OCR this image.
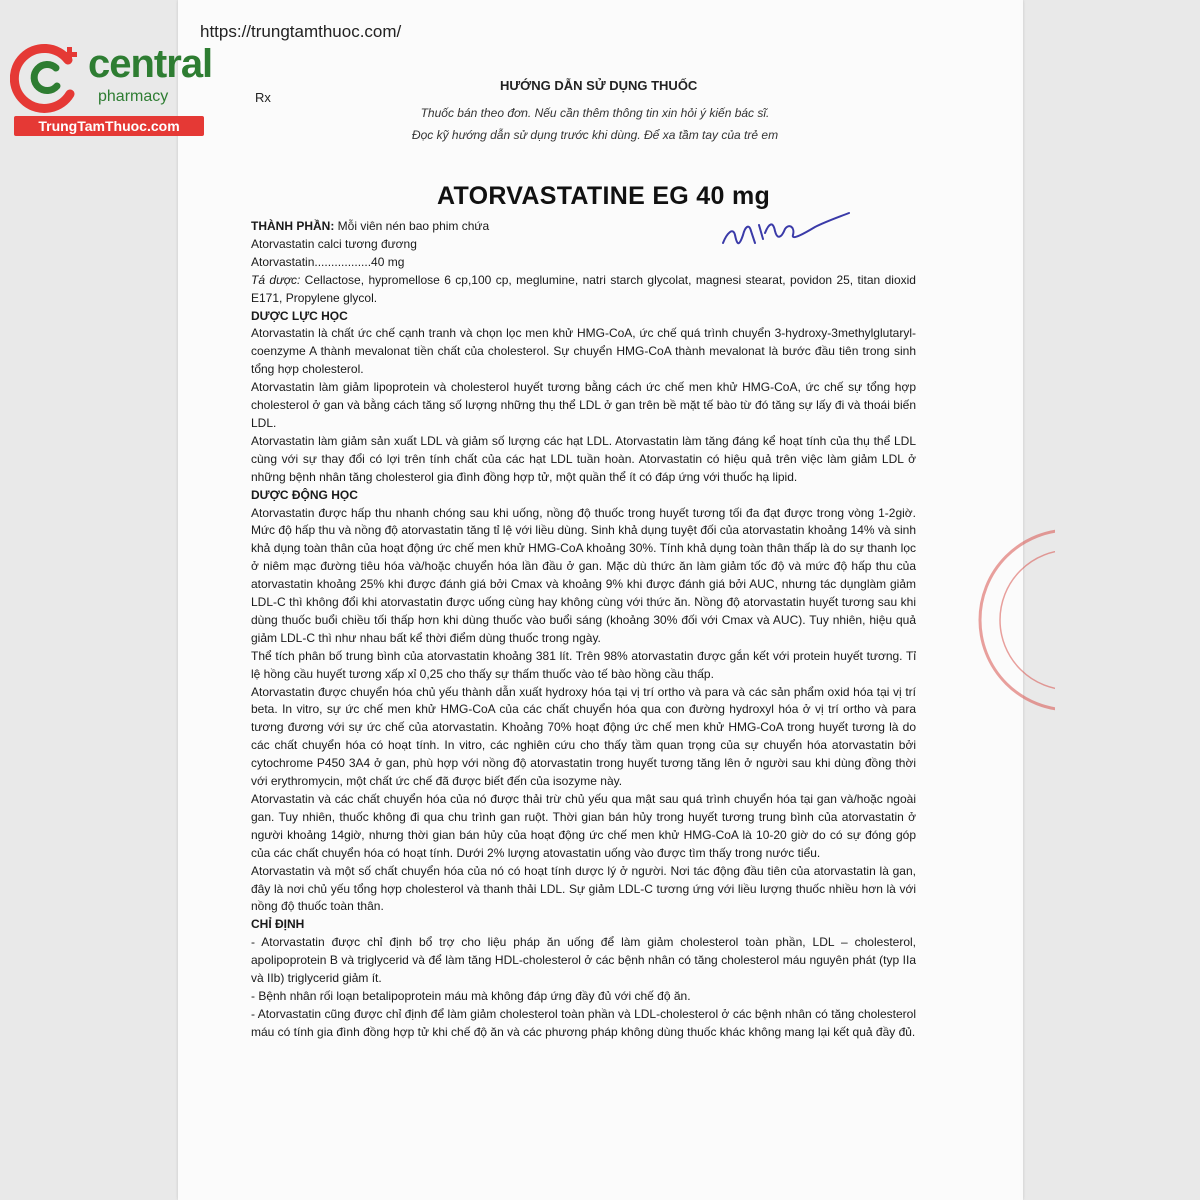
https://trungtamthuoc.com/
central
pharmacy
TrungTamThuoc.com
Rx
HƯỚNG DẪN SỬ DỤNG THUỐC
Thuốc bán theo đơn. Nếu cần thêm thông tin xin hỏi ý kiến bác sĩ.
Đọc kỹ hướng dẫn sử dụng trước khi dùng. Để xa tầm tay của trẻ em
ATORVASTATINE EG 40 mg

THÀNH PHẦN: Mỗi viên nén bao phim chứa

Atorvastatin calci tương đương

Atorvastatin.................40 mg

Tá dược: Cellactose, hypromellose 6 cp,100 cp, meglumine, natri starch glycolat, magnesi stearat, povidon 25, titan dioxid E171, Propylene glycol.

DƯỢC LỰC HỌC

Atorvastatin là chất ức chế cạnh tranh và chọn lọc men khử HMG-CoA, ức chế quá trình chuyển 3-hydroxy-3methylglutaryl-coenzyme A thành mevalonat tiền chất của cholesterol. Sự chuyển HMG-CoA thành mevalonat là bước đầu tiên trong sinh tổng hợp cholesterol.

Atorvastatin làm giảm lipoprotein và cholesterol huyết tương bằng cách ức chế men khử HMG-CoA, ức chế sự tổng hợp cholesterol ở gan và bằng cách tăng số lượng những thụ thể LDL ở gan trên bề mặt tế bào từ đó tăng sự lấy đi và thoái biến LDL.

Atorvastatin làm giảm sản xuất LDL và giảm số lượng các hạt LDL. Atorvastatin làm tăng đáng kể hoạt tính của thụ thể LDL cùng với sự thay đổi có lợi trên tính chất của các hạt LDL tuần hoàn. Atorvastatin có hiệu quả trên việc làm giảm LDL ở những bệnh nhân tăng cholesterol gia đình đồng hợp tử, một quần thể ít có đáp ứng với thuốc hạ lipid.

DƯỢC ĐỘNG HỌC

Atorvastatin được hấp thu nhanh chóng sau khi uống, nồng độ thuốc trong huyết tương tối đa đạt được trong vòng 1-2giờ. Mức độ hấp thu và nồng độ atorvastatin tăng tỉ lệ với liều dùng. Sinh khả dụng tuyệt đối của atorvastatin khoảng 14% và sinh khả dụng toàn thân của hoạt động ức chế men khử HMG-CoA khoảng 30%. Tính khả dụng toàn thân thấp là do sự thanh lọc ở niêm mạc đường tiêu hóa và/hoặc chuyển hóa lần đầu ở gan. Mặc dù thức ăn làm giảm tốc độ và mức độ hấp thu của atorvastatin khoảng 25% khi được đánh giá bởi Cmax và khoảng 9% khi được đánh giá bởi AUC, nhưng tác dụnglàm giảm LDL-C thì không đổi khi atorvastatin được uống cùng hay không cùng với thức ăn. Nồng độ atorvastatin huyết tương sau khi dùng thuốc buổi chiều tối thấp hơn khi dùng thuốc vào buổi sáng (khoảng 30% đối với Cmax và AUC). Tuy nhiên, hiệu quả giảm LDL-C thì như nhau bất kể thời điểm dùng thuốc trong ngày.

Thể tích phân bố trung bình của atorvastatin khoảng 381 lít. Trên 98% atorvastatin được gắn kết với protein huyết tương. Tỉ lệ hồng cầu huyết tương xấp xỉ 0,25 cho thấy sự thấm thuốc vào tế bào hồng cầu thấp.

Atorvastatin được chuyển hóa chủ yếu thành dẫn xuất hydroxy hóa tại vị trí ortho và para và các sản phẩm oxid hóa tại vị trí beta. In vitro, sự ức chế men khử HMG-CoA của các chất chuyển hóa qua con đường hydroxyl hóa ở vị trí ortho và para tương đương với sự ức chế của atorvastatin. Khoảng 70% hoạt động ức chế men khử HMG-CoA trong huyết tương là do các chất chuyển hóa có hoạt tính. In vitro, các nghiên cứu cho thấy tầm quan trọng của sự chuyển hóa atorvastatin bởi cytochrome P450 3A4 ở gan, phù hợp với nồng độ atorvastatin trong huyết tương tăng lên ở người sau khi dùng đồng thời với erythromycin, một chất ức chế đã được biết đến của isozyme này.

Atorvastatin và các chất chuyển hóa của nó được thải trừ chủ yếu qua mật sau quá trình chuyển hóa tại gan và/hoặc ngoài gan. Tuy nhiên, thuốc không đi qua chu trình gan ruột. Thời gian bán hủy trong huyết tương trung bình của atorvastatin ở người khoảng 14giờ, nhưng thời gian bán hủy của hoạt động ức chế men khử HMG-CoA là 10-20 giờ do có sự đóng góp của các chất chuyển hóa có hoạt tính. Dưới 2% lượng atovastatin uống vào được tìm thấy trong nước tiểu.

Atorvastatin và một số chất chuyển hóa của nó có hoạt tính dược lý ở người. Nơi tác động đầu tiên của atorvastatin là gan, đây là nơi chủ yếu tổng hợp cholesterol và thanh thải LDL. Sự giảm LDL-C tương ứng với liều lượng thuốc nhiều hơn là với nồng độ thuốc toàn thân.

CHỈ ĐỊNH

- Atorvastatin được chỉ định bổ trợ cho liệu pháp ăn uống để làm giảm cholesterol toàn phần, LDL – cholesterol, apolipoprotein B và triglycerid và để làm tăng HDL-cholesterol ở các bệnh nhân có tăng cholesterol máu nguyên phát (typ IIa và IIb) triglycerid giảm ít.

- Bệnh nhân rối loạn betalipoprotein máu mà không đáp ứng đầy đủ với chế độ ăn.

- Atorvastatin cũng được chỉ định để làm giảm cholesterol toàn phần và LDL-cholesterol ở các bệnh nhân có tăng cholesterol máu có tính gia đình đồng hợp tử khi chế độ ăn và các phương pháp không dùng thuốc khác không mang lại kết quả đầy đủ.
